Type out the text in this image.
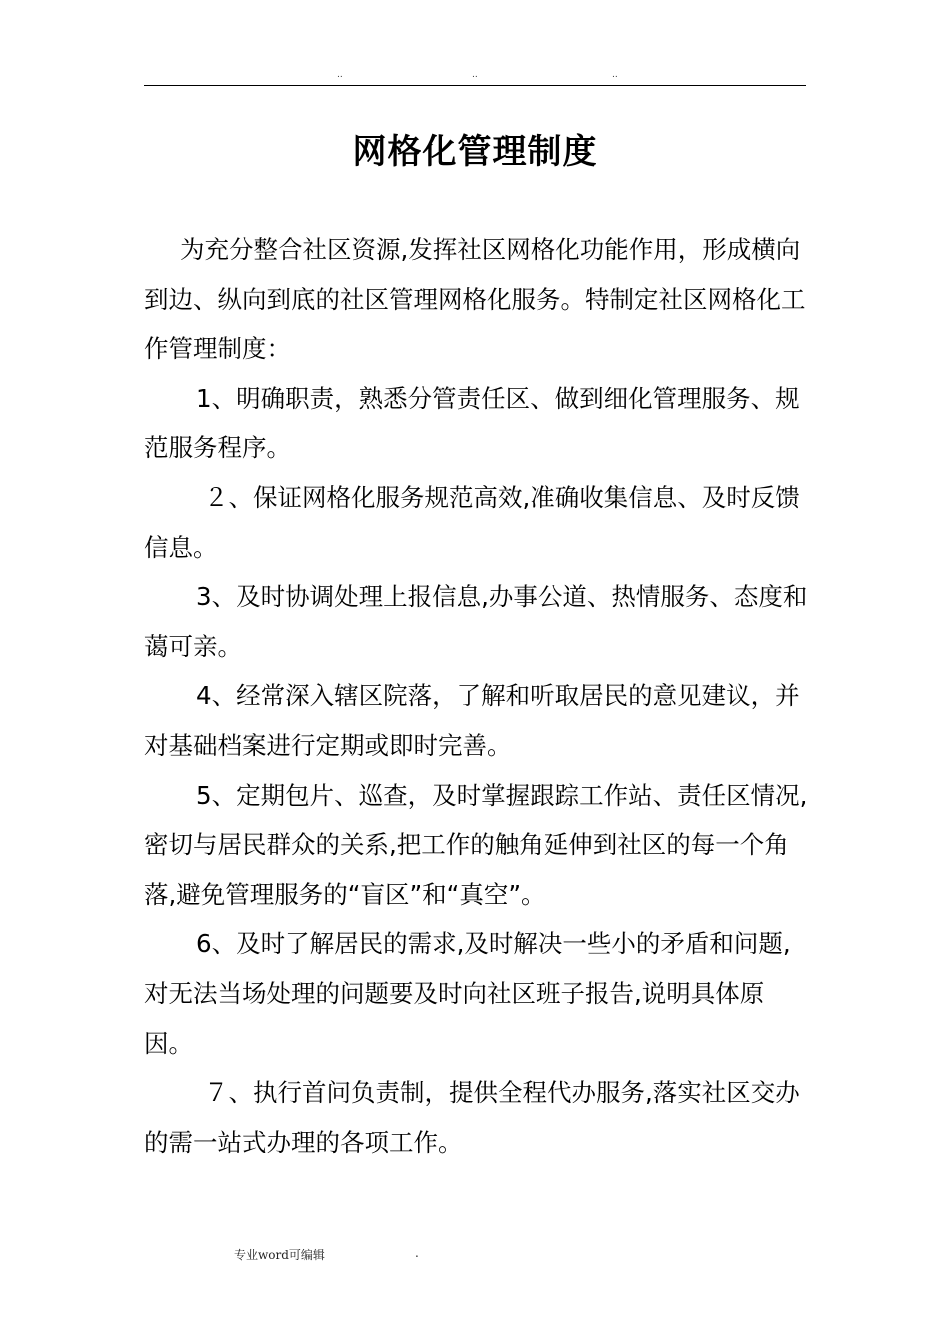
..	..	..
网格化管理制度

为充分整合社区资源,发挥社区网格化功能作用，形成横向到边、纵向到底的社区管理网格化服务。特制定社区网格化工作管理制度：

1、明确职责，熟悉分管责任区、做到细化管理服务、规范服务程序。

２、保证网格化服务规范高效,准确收集信息、及时反馈信息。

3、及时协调处理上报信息,办事公道、热情服务、态度和蔼可亲。

4、经常深入辖区院落，了解和听取居民的意见建议，并对基础档案进行定期或即时完善。

5、定期包片、巡查，及时掌握跟踪工作站、责任区情况,密切与居民群众的关系,把工作的触角延伸到社区的每一个角落,避免管理服务的“盲区”和“真空”。

6、及时了解居民的需求,及时解决一些小的矛盾和问题,对无法当场处理的问题要及时向社区班子报告,说明具体原因。

７、执行首问负责制，提供全程代办服务,落实社区交办的需一站式办理的各项工作。

专业word可编辑	.
